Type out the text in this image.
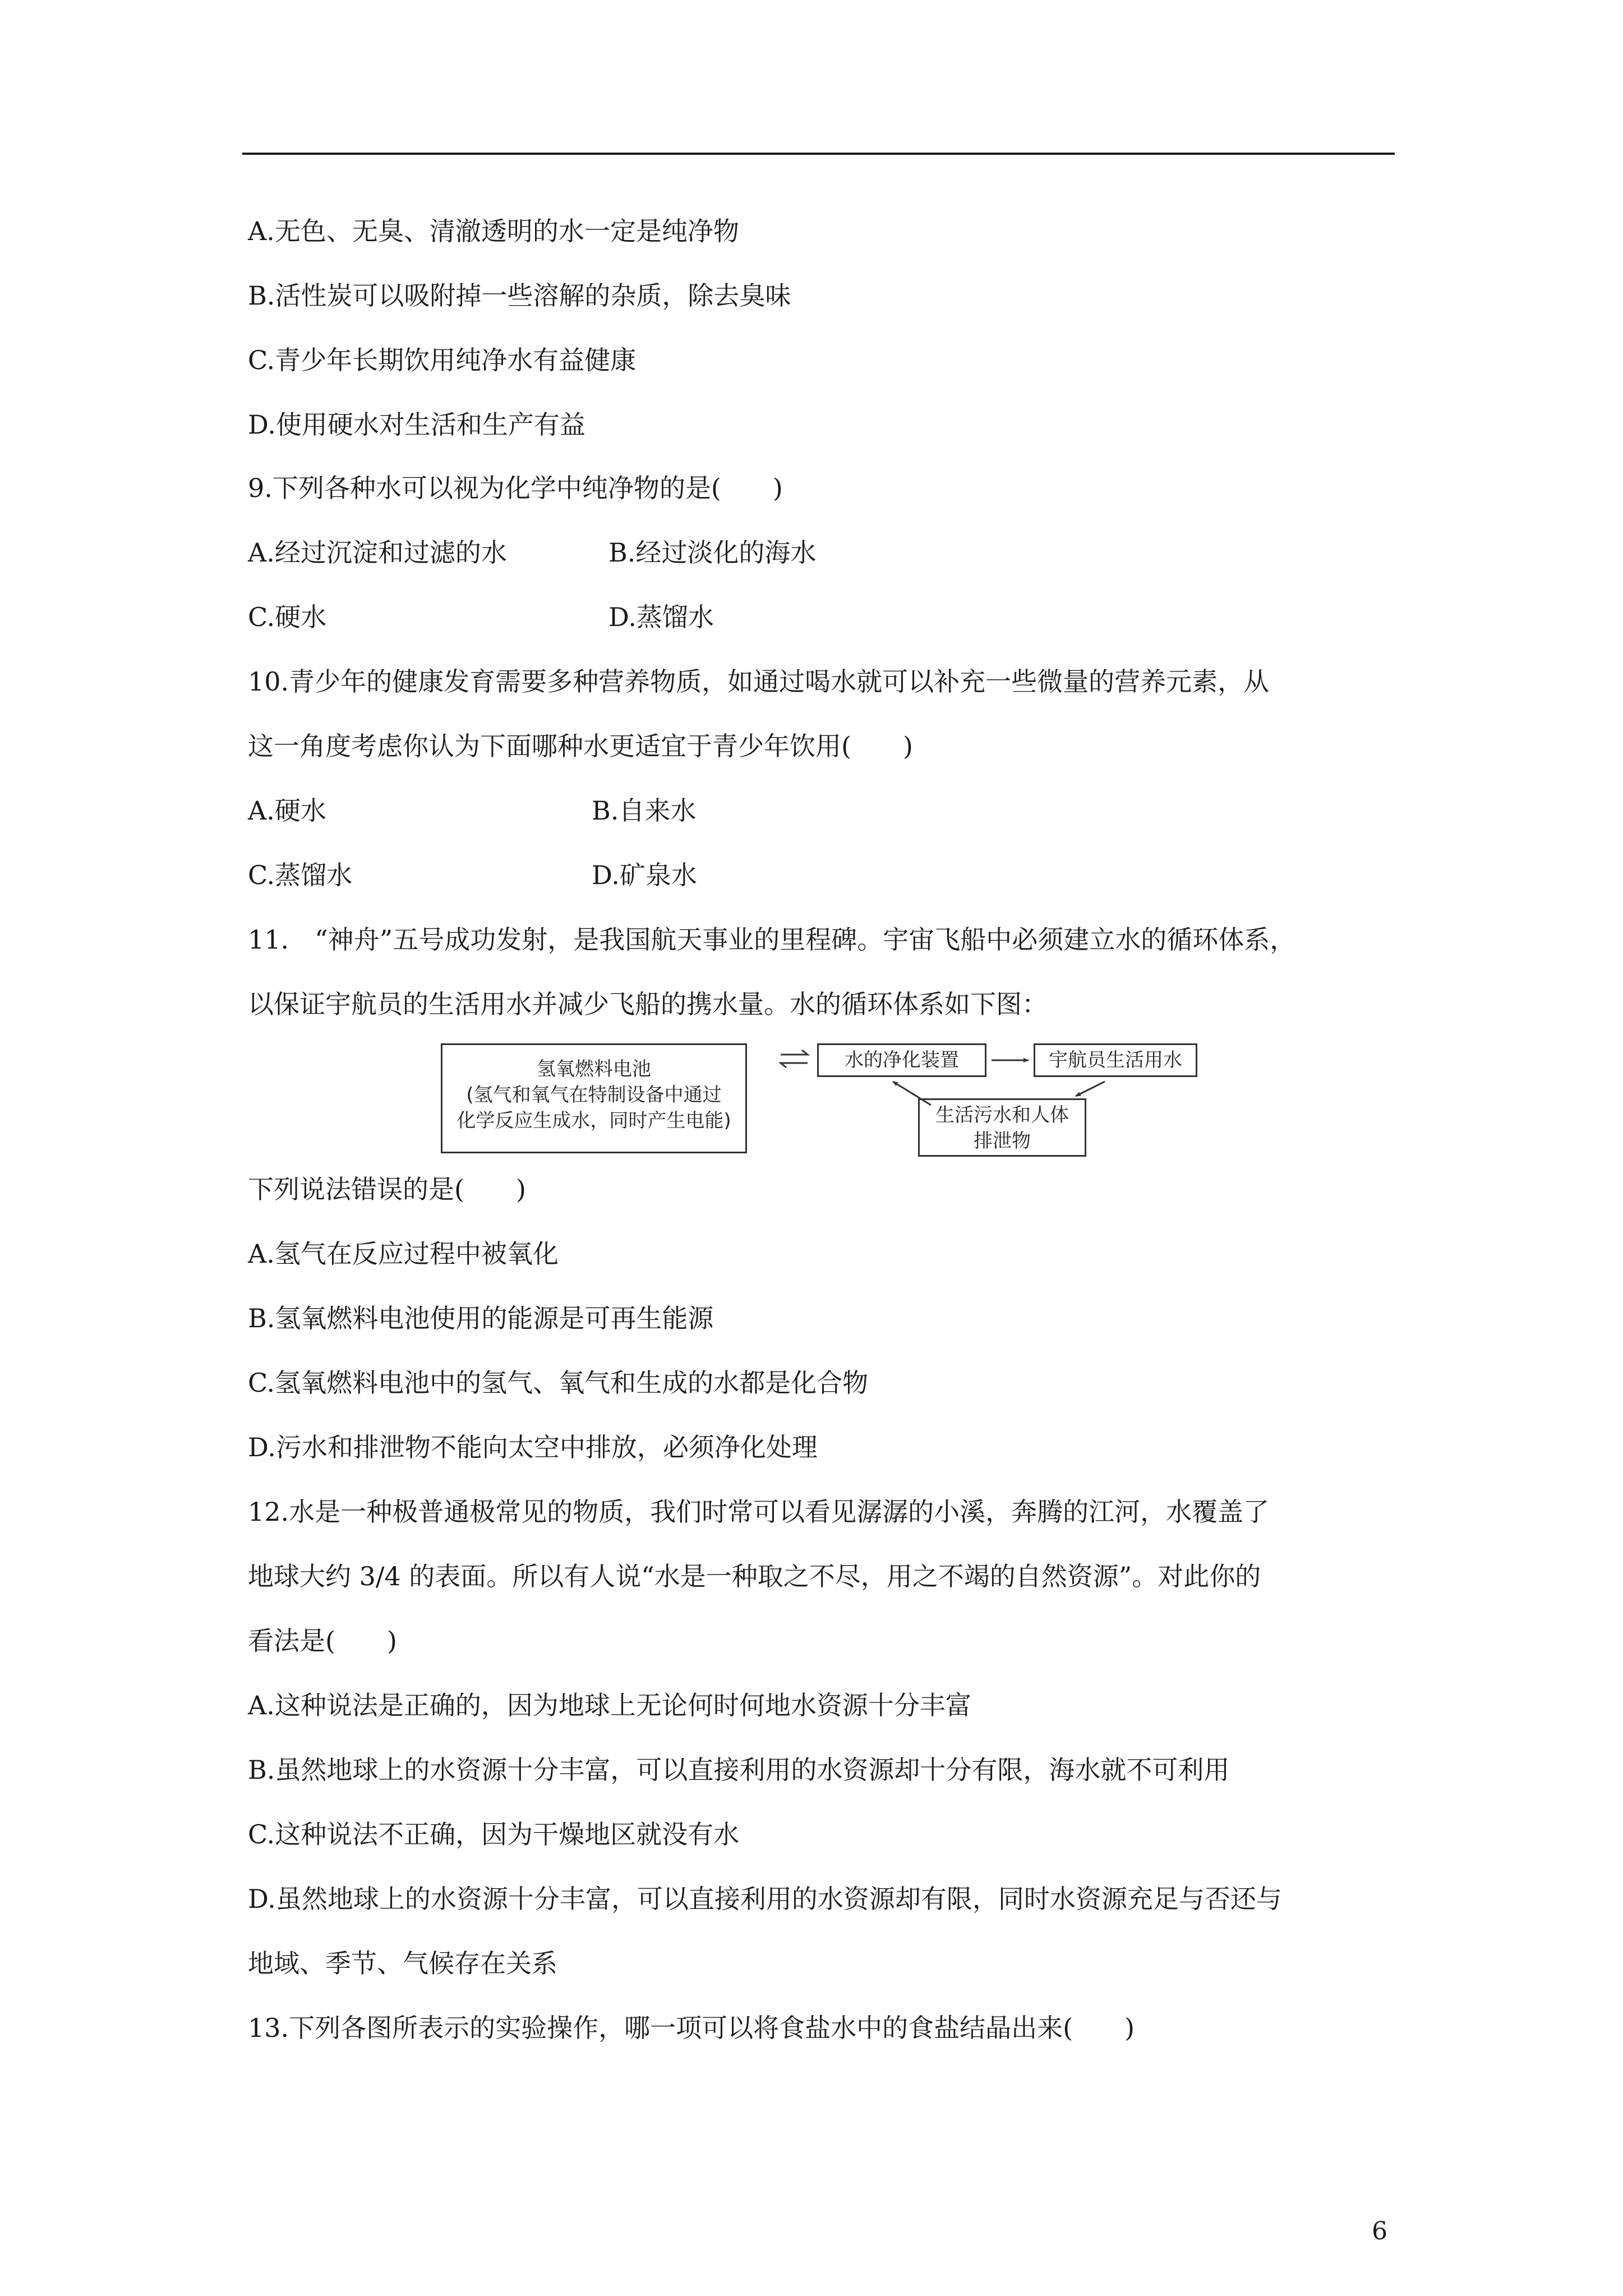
A.无色、无臭、清澈透明的水一定是纯净物
B.活性炭可以吸附掉一些溶解的杂质，除去臭味
C.青少年长期饮用纯净水有益健康
D.使用硬水对生活和生产有益
9.下列各种水可以视为化学中纯净物的是(　　)
A.经过沉淀和过滤的水	B.经过淡化的海水
C.硬水	D.蒸馏水
10.青少年的健康发育需要多种营养物质，如通过喝水就可以补充一些微量的营养元素，从
这一角度考虑你认为下面哪种水更适宜于青少年饮用(　　)
A.硬水	B.自来水
C.蒸馏水	D.矿泉水
11.　“神舟”五号成功发射，是我国航天事业的里程碑。宇宙飞船中必须建立水的循环体系，
以保证宇航员的生活用水并减少飞船的携水量。水的循环体系如下图：
氢氧燃料电池
(氢气和氧气在特制设备中通过
化学反应生成水，同时产生电能)
水的净化装置	宇航员生活用水
生活污水和人体
排泄物
下列说法错误的是(　　)
A.氢气在反应过程中被氧化
B.氢氧燃料电池使用的能源是可再生能源
C.氢氧燃料电池中的氢气、氧气和生成的水都是化合物
D.污水和排泄物不能向太空中排放，必须净化处理
12.水是一种极普通极常见的物质，我们时常可以看见潺潺的小溪，奔腾的江河，水覆盖了
地球大约 3/4 的表面。所以有人说“水是一种取之不尽，用之不竭的自然资源”。对此你的
看法是(　　)
A.这种说法是正确的，因为地球上无论何时何地水资源十分丰富
B.虽然地球上的水资源十分丰富，可以直接利用的水资源却十分有限，海水就不可利用
C.这种说法不正确，因为干燥地区就没有水
D.虽然地球上的水资源十分丰富，可以直接利用的水资源却有限，同时水资源充足与否还与
地域、季节、气候存在关系
13.下列各图所表示的实验操作，哪一项可以将食盐水中的食盐结晶出来(　　)
6
